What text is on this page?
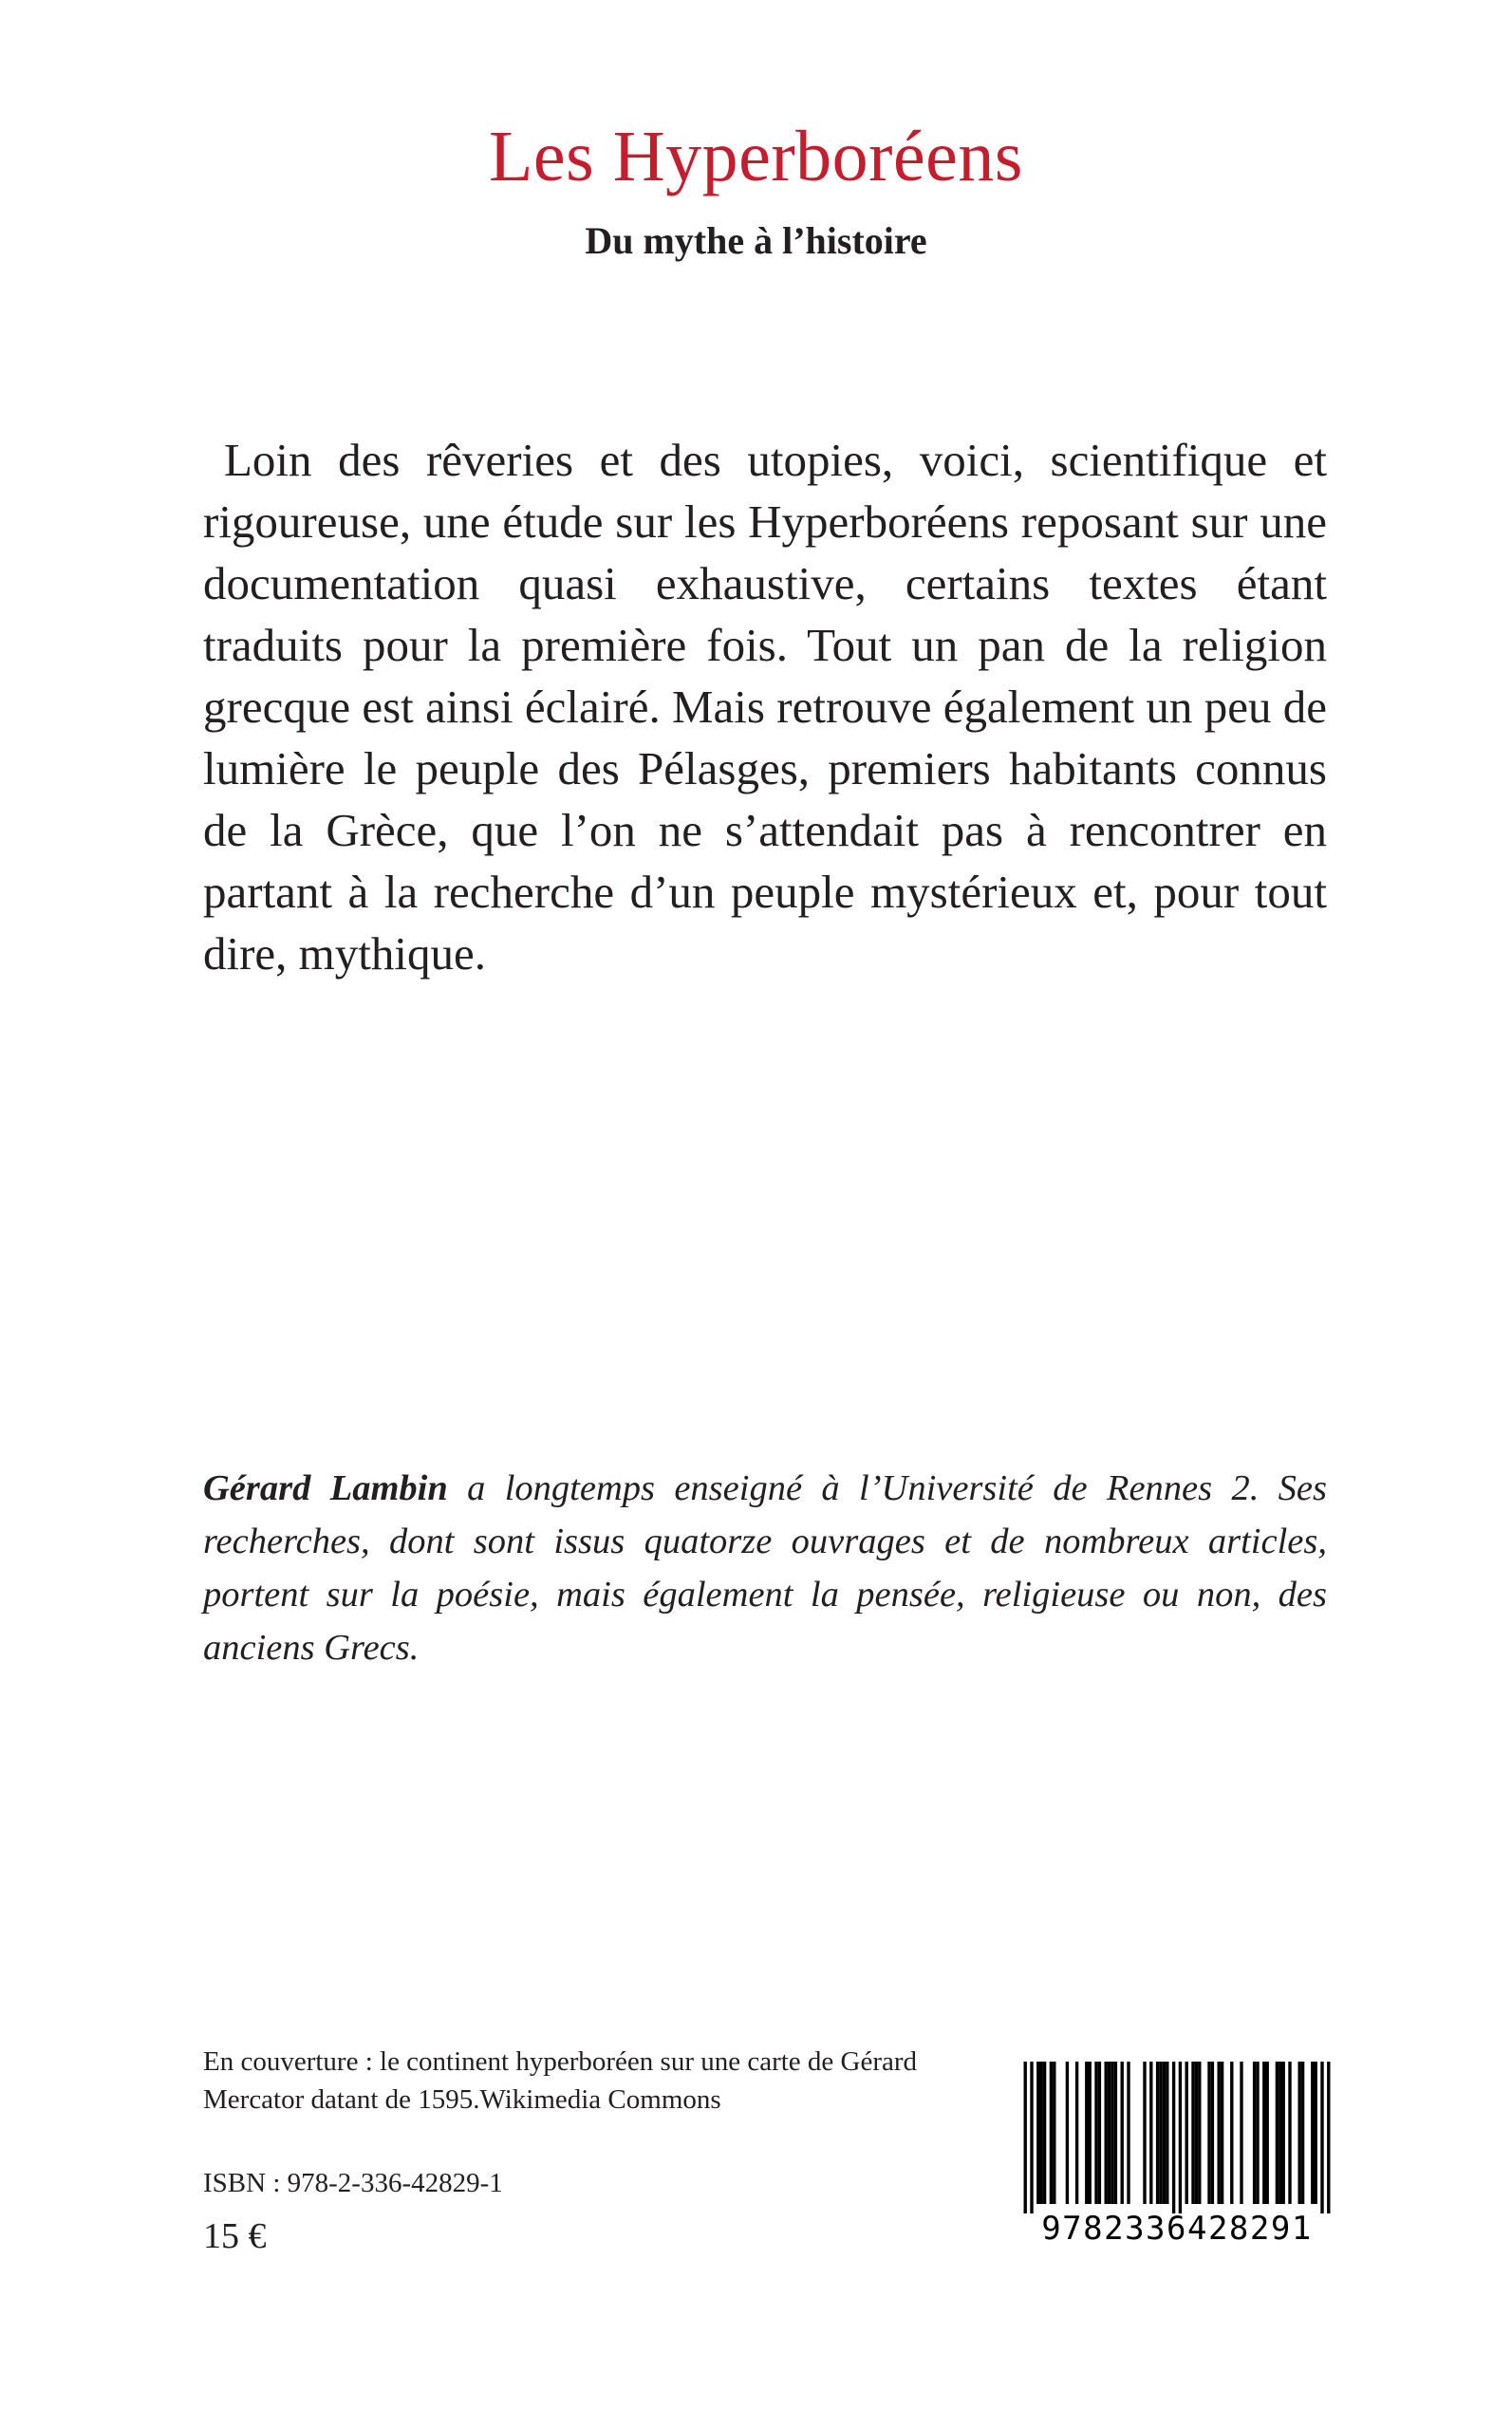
Les Hyperboréens
Du mythe à l’histoire

Loin des rêveries et des utopies, voici, scientifique et rigoureuse, une étude sur les Hyperboréens reposant sur une documentation quasi exhaustive, certains textes étant traduits pour la première fois. Tout un pan de la religion grecque est ainsi éclairé. Mais retrouve également un peu de lumière le peuple des Pélasges, premiers habitants connus de la Grèce, que l’on ne s’attendait pas à rencontrer en partant à la recherche d’un peuple mystérieux et, pour tout dire, mythique.

Gérard Lambin a longtemps enseigné à l’Université de Rennes 2. Ses recherches, dont sont issus quatorze ouvrages et de nombreux articles, portent sur la poésie, mais également la pensée, religieuse ou non, des anciens Grecs.

En couverture : le continent hyperboréen sur une carte de Gérard Mercator datant de 1595.Wikimedia Commons

ISBN : 978-2-336-42829-1

15 €	9782336428291
